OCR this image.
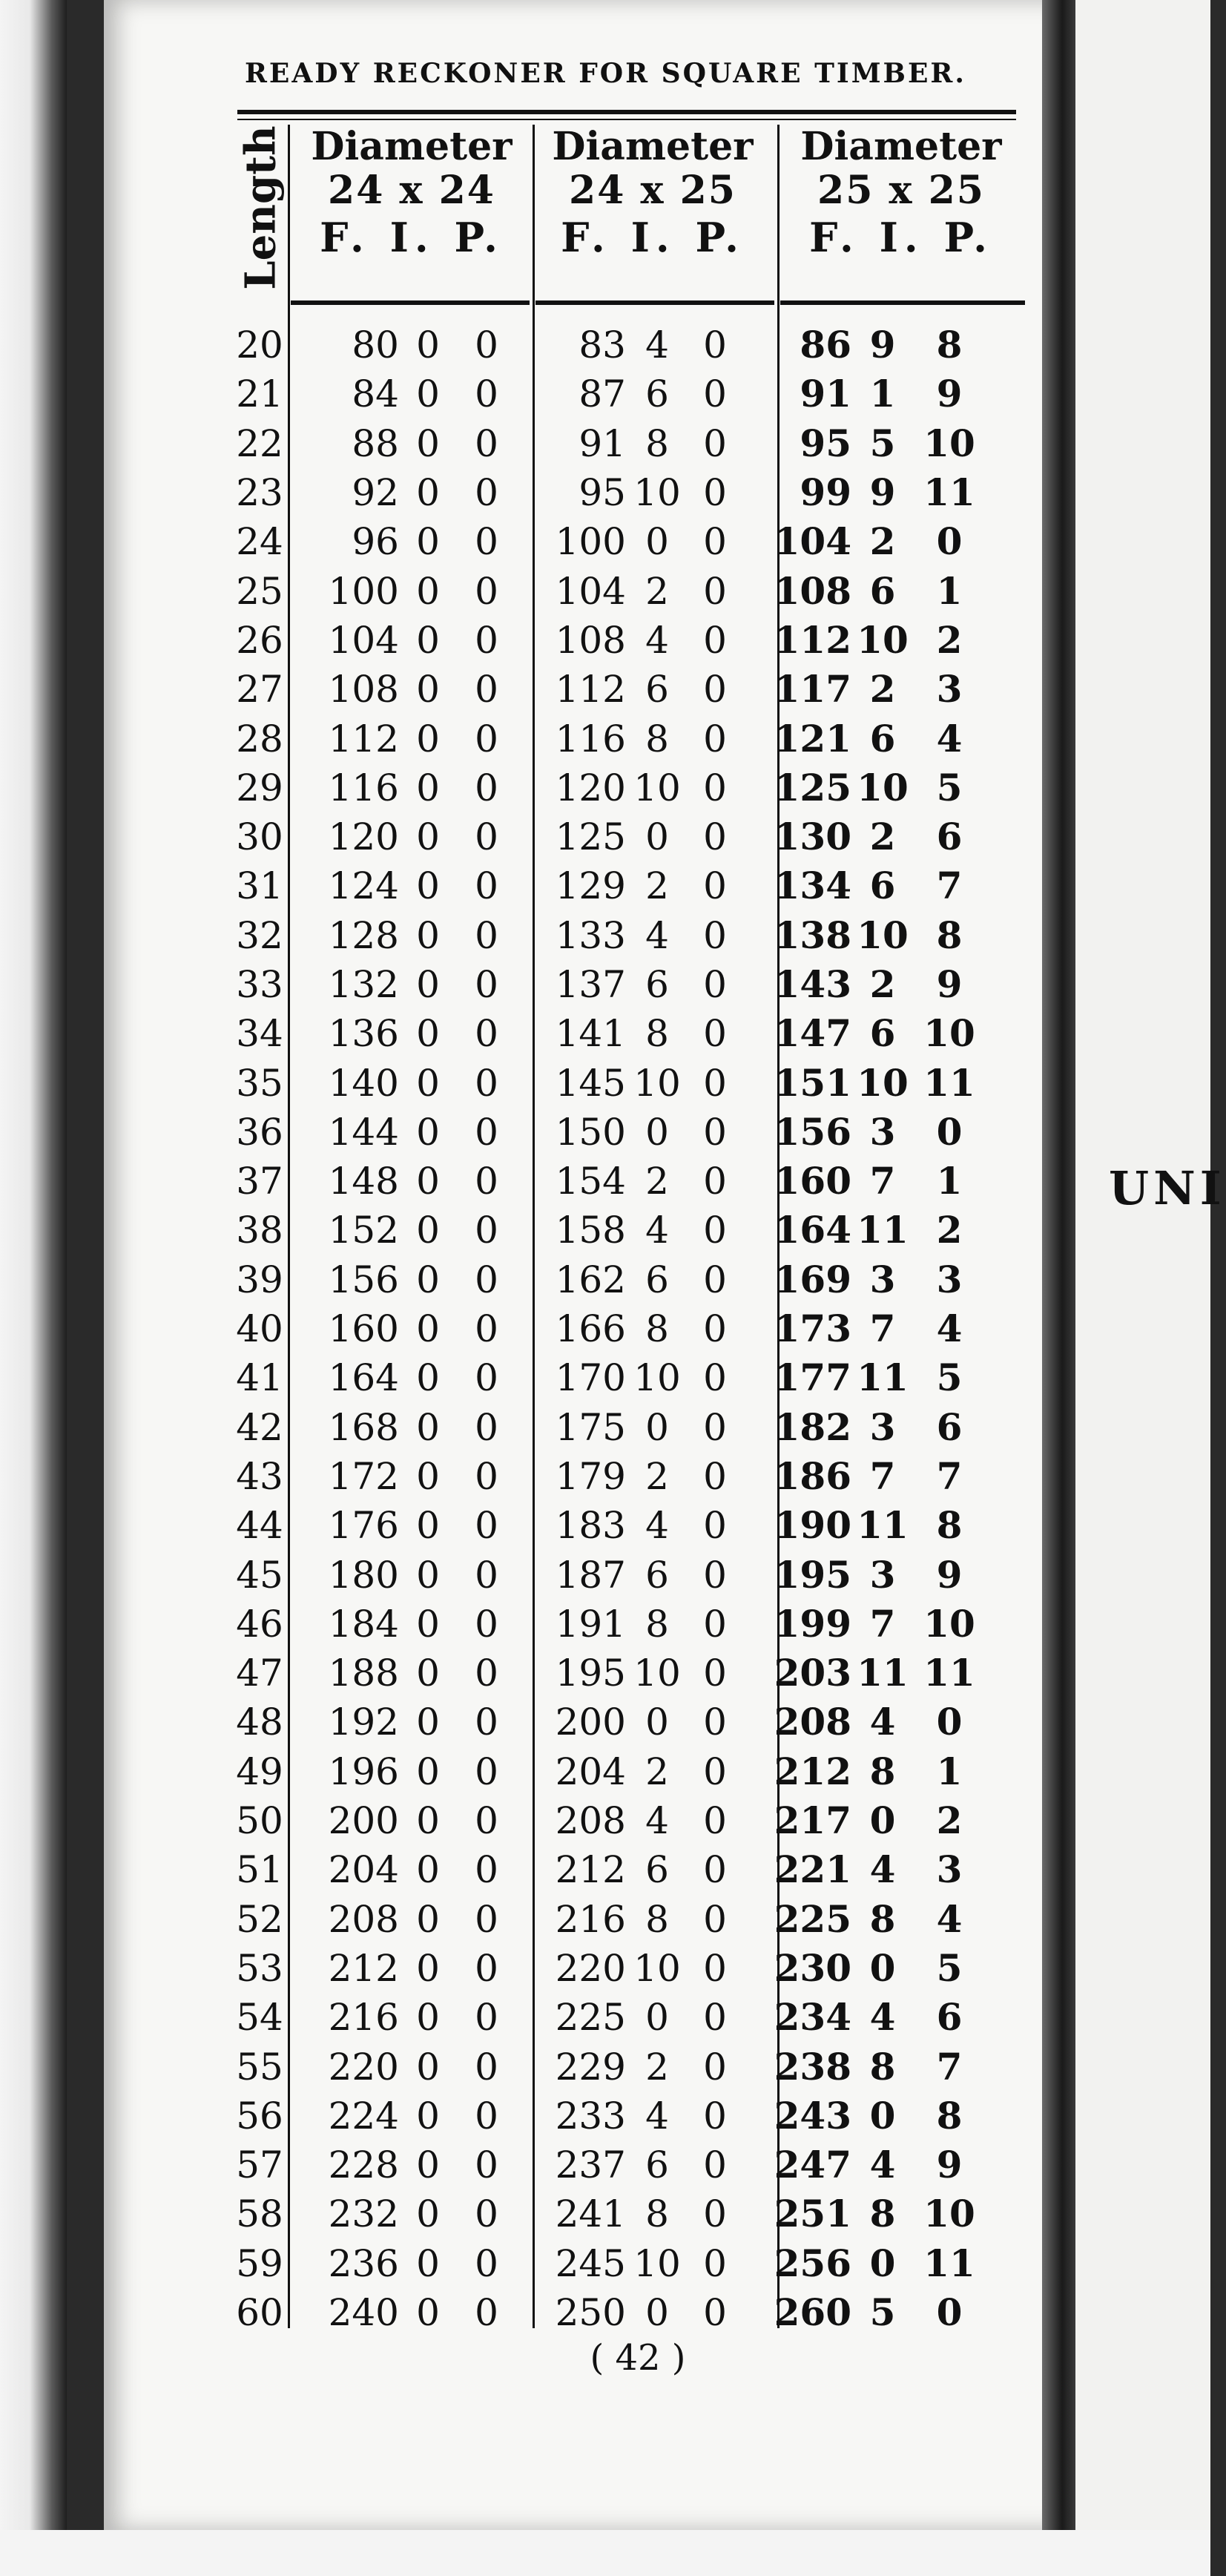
UNI
READY RECKONER FOR SQUARE TIMBER.
Length Diameter
24 x 24
F. I. P.
Diameter
24 x 25
F. I. P.
Diameter
25 x 25
F. I. P.
20	80	0	0	83	4	0	86	9	8
21	84	0	0	87	6	0	91	1	9
22	88	0	0	91	8	0	95	5	10
23	92	0	0	95	10	0	99	9	11
24	96	0	0	100	0	0	104	2	0
25	100	0	0	104	2	0	108	6	1
26	104	0	0	108	4	0	112	10	2
27	108	0	0	112	6	0	117	2	3
28	112	0	0	116	8	0	121	6	4
29	116	0	0	120	10	0	125	10	5
30	120	0	0	125	0	0	130	2	6
31	124	0	0	129	2	0	134	6	7
32	128	0	0	133	4	0	138	10	8
33	132	0	0	137	6	0	143	2	9
34	136	0	0	141	8	0	147	6	10
35	140	0	0	145	10	0	151	10	11
36	144	0	0	150	0	0	156	3	0
37	148	0	0	154	2	0	160	7	1
38	152	0	0	158	4	0	164	11	2
39	156	0	0	162	6	0	169	3	3
40	160	0	0	166	8	0	173	7	4
41	164	0	0	170	10	0	177	11	5
42	168	0	0	175	0	0	182	3	6
43	172	0	0	179	2	0	186	7	7
44	176	0	0	183	4	0	190	11	8
45	180	0	0	187	6	0	195	3	9
46	184	0	0	191	8	0	199	7	10
47	188	0	0	195	10	0	203	11	11
48	192	0	0	200	0	0	208	4	0
49	196	0	0	204	2	0	212	8	1
50	200	0	0	208	4	0	217	0	2
51	204	0	0	212	6	0	221	4	3
52	208	0	0	216	8	0	225	8	4
53	212	0	0	220	10	0	230	0	5
54	216	0	0	225	0	0	234	4	6
55	220	0	0	229	2	0	238	8	7
56	224	0	0	233	4	0	243	0	8
57	228	0	0	237	6	0	247	4	9
58	232	0	0	241	8	0	251	8	10
59	236	0	0	245	10	0	256	0	11
60	240	0	0	250	0	0	260	5	0
( 42 )
